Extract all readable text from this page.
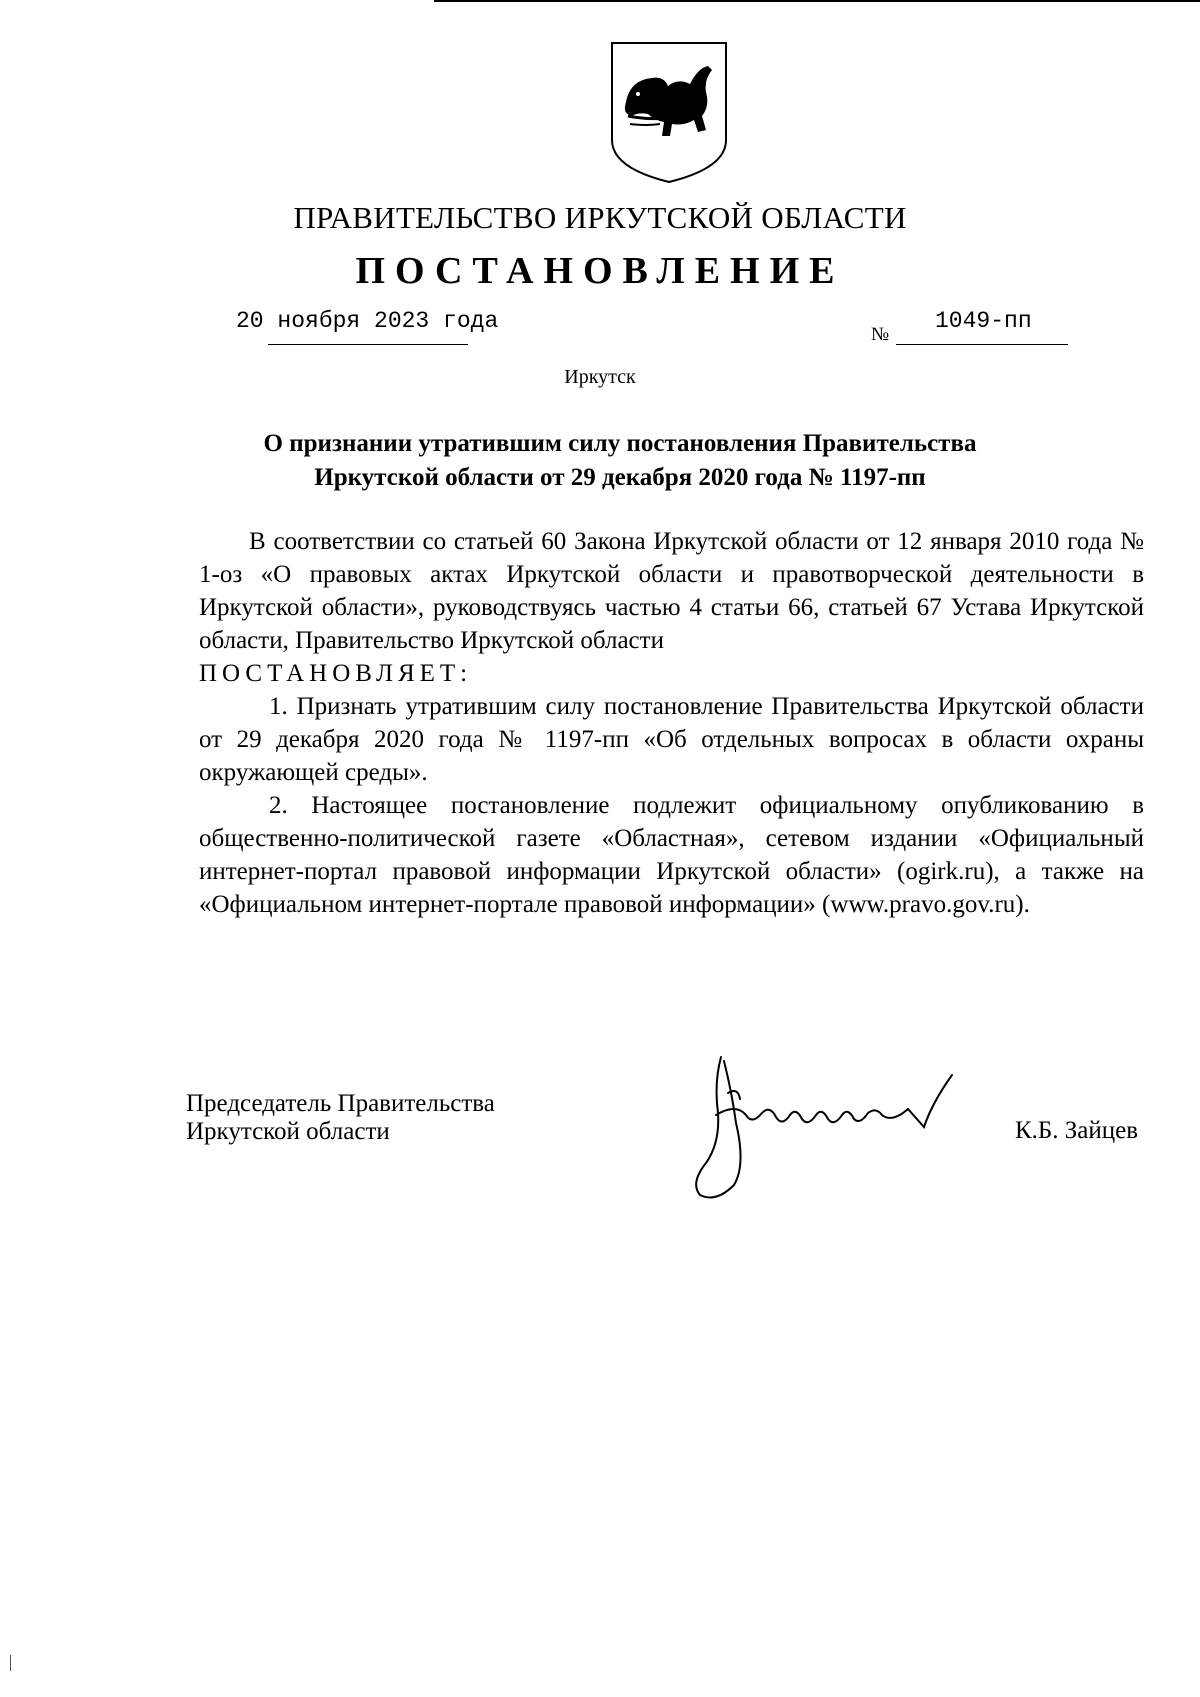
ПРАВИТЕЛЬСТВО ИРКУТСКОЙ ОБЛАСТИ
ПОСТАНОВЛЕНИЕ
20 ноября 2023 года
№
1049-пп
Иркутск
О признании утратившим силу постановления Правительства
Иркутской области от 29 декабря 2020 года № 1197-пп

В соответствии со статьей 60 Закона Иркутской области от 12 января 2010 года № 1-оз «О правовых актах Иркутской области и правотворческой деятельности в Иркутской области», руководствуясь частью 4 статьи 66, статьей 67 Устава Иркутской области, Правительство Иркутской области

ПОСТАНОВЛЯЕТ:

1. Признать утратившим силу постановление Правительства Иркутской области от 29 декабря 2020 года № 1197-пп «Об отдельных вопросах в области охраны окружающей среды».

2. Настоящее постановление подлежит официальному опубликованию в общественно-политической газете «Областная», сетевом издании «Официальный интернет-портал правовой информации Иркутской области» (ogirk.ru), а также на «Официальном интернет-портале правовой информации» (www.pravo.gov.ru).

Председатель Правительства
Иркутской области	К.Б. Зайцев
